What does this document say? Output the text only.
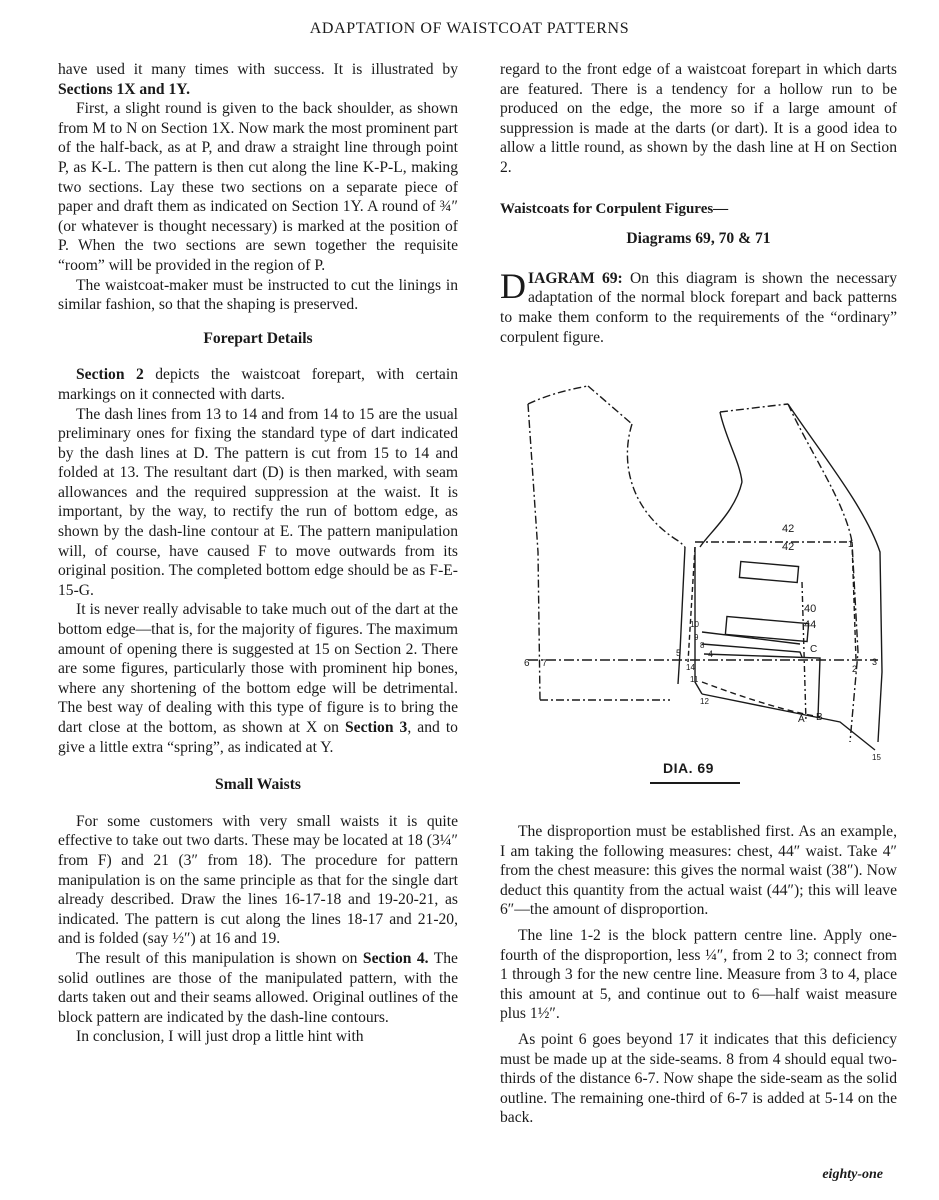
ADAPTATION OF WAISTCOAT PATTERNS

have used it many times with success. It is illustrated by Sections 1X and 1Y.

First, a slight round is given to the back shoulder, as shown from M to N on Section 1X. Now mark the most prominent part of the half-back, as at P, and draw a straight line through point P, as K-L. The pattern is then cut along the line K-P-L, making two sections. Lay these two sections on a separate piece of paper and draft them as indicated on Section 1Y. A round of ¾″ (or whatever is thought necessary) is marked at the position of P. When the two sections are sewn together the requisite “room” will be provided in the region of P.

The waistcoat-maker must be instructed to cut the linings in similar fashion, so that the shaping is preserved.

Forepart Details

Section 2 depicts the waistcoat forepart, with certain markings on it connected with darts.

The dash lines from 13 to 14 and from 14 to 15 are the usual preliminary ones for fixing the standard type of dart indicated by the dash lines at D. The pattern is cut from 15 to 14 and folded at 13. The resultant dart (D) is then marked, with seam allowances and the required suppression at the waist. It is important, by the way, to rectify the run of bottom edge, as shown by the dash-line contour at E. The pattern manipulation will, of course, have caused F to move outwards from its original position. The completed bottom edge should be as F-E-15-G.

It is never really advisable to take much out of the dart at the bottom edge—that is, for the majority of figures. The maximum amount of opening there is suggested at 15 on Section 2. There are some figures, particularly those with prominent hip bones, where any shortening of the bottom edge will be detrimental. The best way of dealing with this type of figure is to bring the dart close at the bottom, as shown at X on Section 3, and to give a little extra “spring”, as indicated at Y.

Small Waists

For some customers with very small waists it is quite effective to take out two darts. These may be located at 18 (3¼″ from F) and 21 (3″ from 18). The procedure for pattern manipulation is on the same principle as that for the single dart already described. Draw the lines 16-17-18 and 19-20-21, as indicated. The pattern is cut along the lines 18-17 and 21-20, and is folded (say ½″) at 16 and 19.

The result of this manipulation is shown on Section 4. The solid outlines are those of the manipulated pattern, with the darts taken out and their seams allowed. Original outlines of the block pattern are indicated by the dash-line contours.

In conclusion, I will just drop a little hint with

regard to the front edge of a waistcoat forepart in which darts are featured. There is a tendency for a hollow run to be produced on the edge, the more so if a large amount of suppression is made at the darts (or dart). It is a good idea to allow a little round, as shown by the dash line at H on Section 2.

Waistcoats for Corpulent Figures—

Diagrams 69, 70 & 71

DIAGRAM 69: On this diagram is shown the necessary adaptation of the normal block forepart and back patterns to make them conform to the requirements of the “ordinary” corpulent figure.

42
42
40
44
1
2
3
4
5
6 7
8
9
10
11
12
14
15
A B
C
DIA. 69

The disproportion must be established first. As an example, I am taking the following measures: chest, 44″ waist. Take 4″ from the chest measure: this gives the normal waist (38″). Now deduct this quantity from the actual waist (44″); this will leave 6″—the amount of disproportion.

The line 1-2 is the block pattern centre line. Apply one-fourth of the disproportion, less ¼″, from 2 to 3; connect from 1 through 3 for the new centre line. Measure from 3 to 4, place this amount at 5, and continue out to 6—half waist measure plus 1½″.

As point 6 goes beyond 17 it indicates that this deficiency must be made up at the side-seams. 8 from 4 should equal two-thirds of the distance 6-7. Now shape the side-seam as the solid outline. The remaining one-third of 6-7 is added at 5-14 on the back.

eighty-one
